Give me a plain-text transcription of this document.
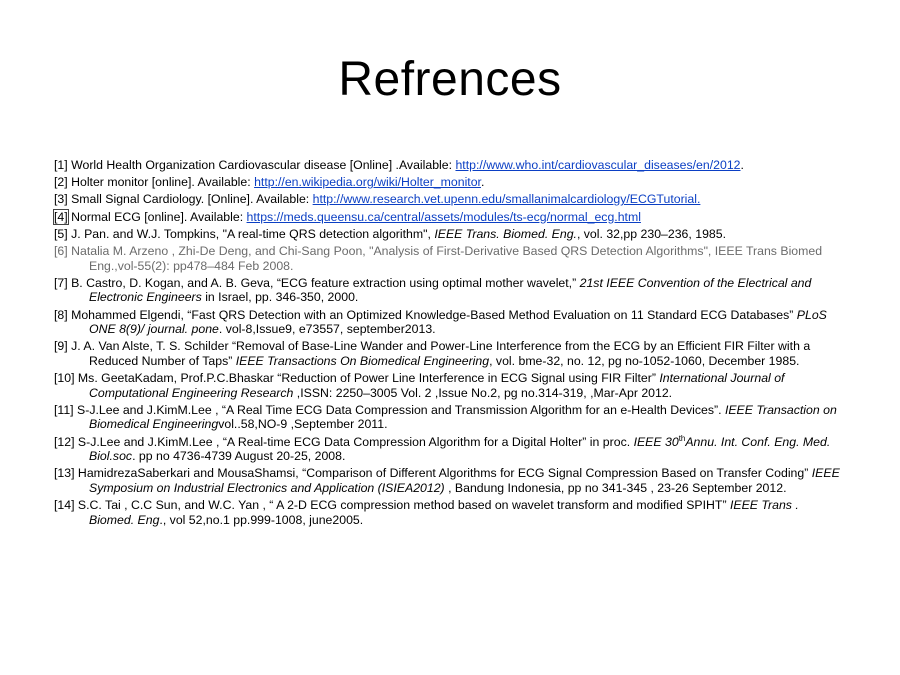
Refrences
[1] World Health Organization Cardiovascular disease [Online] .Available: http://www.who.int/cardiovascular_diseases/en/2012.
[2] Holter monitor [online]. Available: http://en.wikipedia.org/wiki/Holter_monitor.
[3] Small Signal Cardiology. [Online]. Available: http://www.research.vet.upenn.edu/smallanimalcardiology/ECGTutorial.
[4] Normal ECG [online]. Available: https://meds.queensu.ca/central/assets/modules/ts-ecg/normal_ecg.html
[5] J. Pan. and W.J. Tompkins, "A real-time QRS detection algorithm", IEEE Trans. Biomed. Eng., vol. 32,pp 230–236, 1985.
[6] Natalia M. Arzeno , Zhi-De Deng, and Chi-Sang Poon, "Analysis of First-Derivative Based QRS Detection Algorithms", IEEE Trans Biomed Eng.,vol-55(2): pp478–484 Feb 2008.
[7] B. Castro, D. Kogan, and A. B. Geva, “ECG feature extraction using optimal mother wavelet,” 21st IEEE Convention of the Electrical and Electronic Engineers in Israel, pp. 346-350, 2000.
[8] Mohammed Elgendi, “Fast QRS Detection with an Optimized Knowledge-Based Method Evaluation on 11 Standard ECG Databases” PLoS ONE 8(9)/ journal. pone. vol-8,Issue9, e73557, september2013.
[9] J. A. Van Alste, T. S. Schilder “Removal of Base-Line Wander and Power-Line Interference from the ECG by an Efficient FIR Filter with a Reduced Number of Taps” IEEE Transactions On Biomedical Engineering, vol. bme-32, no. 12, pg no-1052-1060, December 1985.
[10] Ms. GeetaKadam, Prof.P.C.Bhaskar “Reduction of Power Line Interference in ECG Signal using FIR Filter” International Journal of Computational Engineering Research ,ISSN: 2250–3005 Vol. 2 ,Issue No.2, pg no.314-319, ,Mar-Apr 2012.
[11] S-J.Lee and J.KimM.Lee , “A Real Time ECG Data Compression and Transmission Algorithm for an e-Health Devices”. IEEE Transaction on Biomedical Engineeringvol..58,NO-9 ,September 2011.
[12] S-J.Lee and J.KimM.Lee , “A Real-time ECG Data Compression Algorithm for a Digital Holter” in proc. IEEE 30thAnnu. Int. Conf. Eng. Med. Biol.soc. pp no 4736-4739 August 20-25, 2008.
[13] HamidrezaSaberkari and MousaShamsi, “Comparison of Different Algorithms for ECG Signal Compression Based on Transfer Coding” IEEE Symposium on Industrial Electronics and Application (ISIEA2012) , Bandung Indonesia, pp no 341-345 , 23-26 September 2012.
[14] S.C. Tai , C.C Sun, and W.C. Yan , “ A 2-D ECG compression method based on wavelet transform and modified SPIHT” IEEE Trans . Biomed. Eng., vol 52,no.1 pp.999-1008, june2005.
